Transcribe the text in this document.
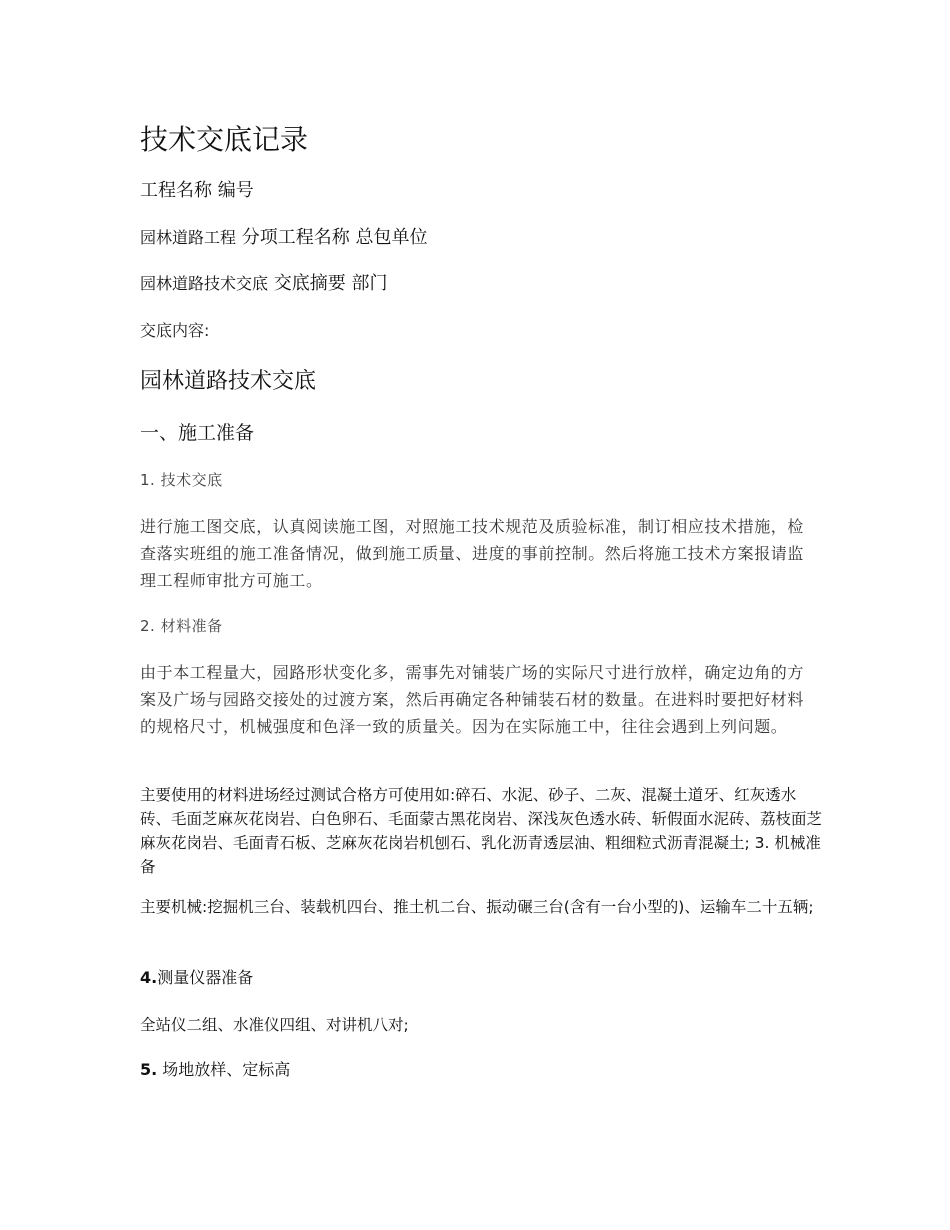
技术交底记录
工程名称 编号
园林道路工程 分项工程名称 总包单位
园林道路技术交底 交底摘要 部门
交底内容:
园林道路技术交底
一、施工准备
1. 技术交底
进行施工图交底，认真阅读施工图，对照施工技术规范及质验标准，制订相应技术措施，检查落实班组的施工准备情况，做到施工质量、进度的事前控制。然后将施工技术方案报请监理工程师审批方可施工。
2. 材料准备
由于本工程量大，园路形状变化多，需事先对铺装广场的实际尺寸进行放样，确定边角的方案及广场与园路交接处的过渡方案，然后再确定各种铺装石材的数量。在进料时要把好材料的规格尺寸，机械强度和色泽一致的质量关。因为在实际施工中，往往会遇到上列问题。
主要使用的材料进场经过测试合格方可使用如:碎石、水泥、砂子、二灰、混凝土道牙、红灰透水砖、毛面芝麻灰花岗岩、白色卵石、毛面蒙古黑花岗岩、深浅灰色透水砖、斩假面水泥砖、荔枝面芝麻灰花岗岩、毛面青石板、芝麻灰花岗岩机刨石、乳化沥青透层油、粗细粒式沥青混凝土; 3. 机械准备
主要机械:挖掘机三台、装载机四台、推土机二台、振动碾三台(含有一台小型的)、运输车二十五辆;
4.测量仪器准备
全站仪二组、水准仪四组、对讲机八对;
5. 场地放样、定标高
